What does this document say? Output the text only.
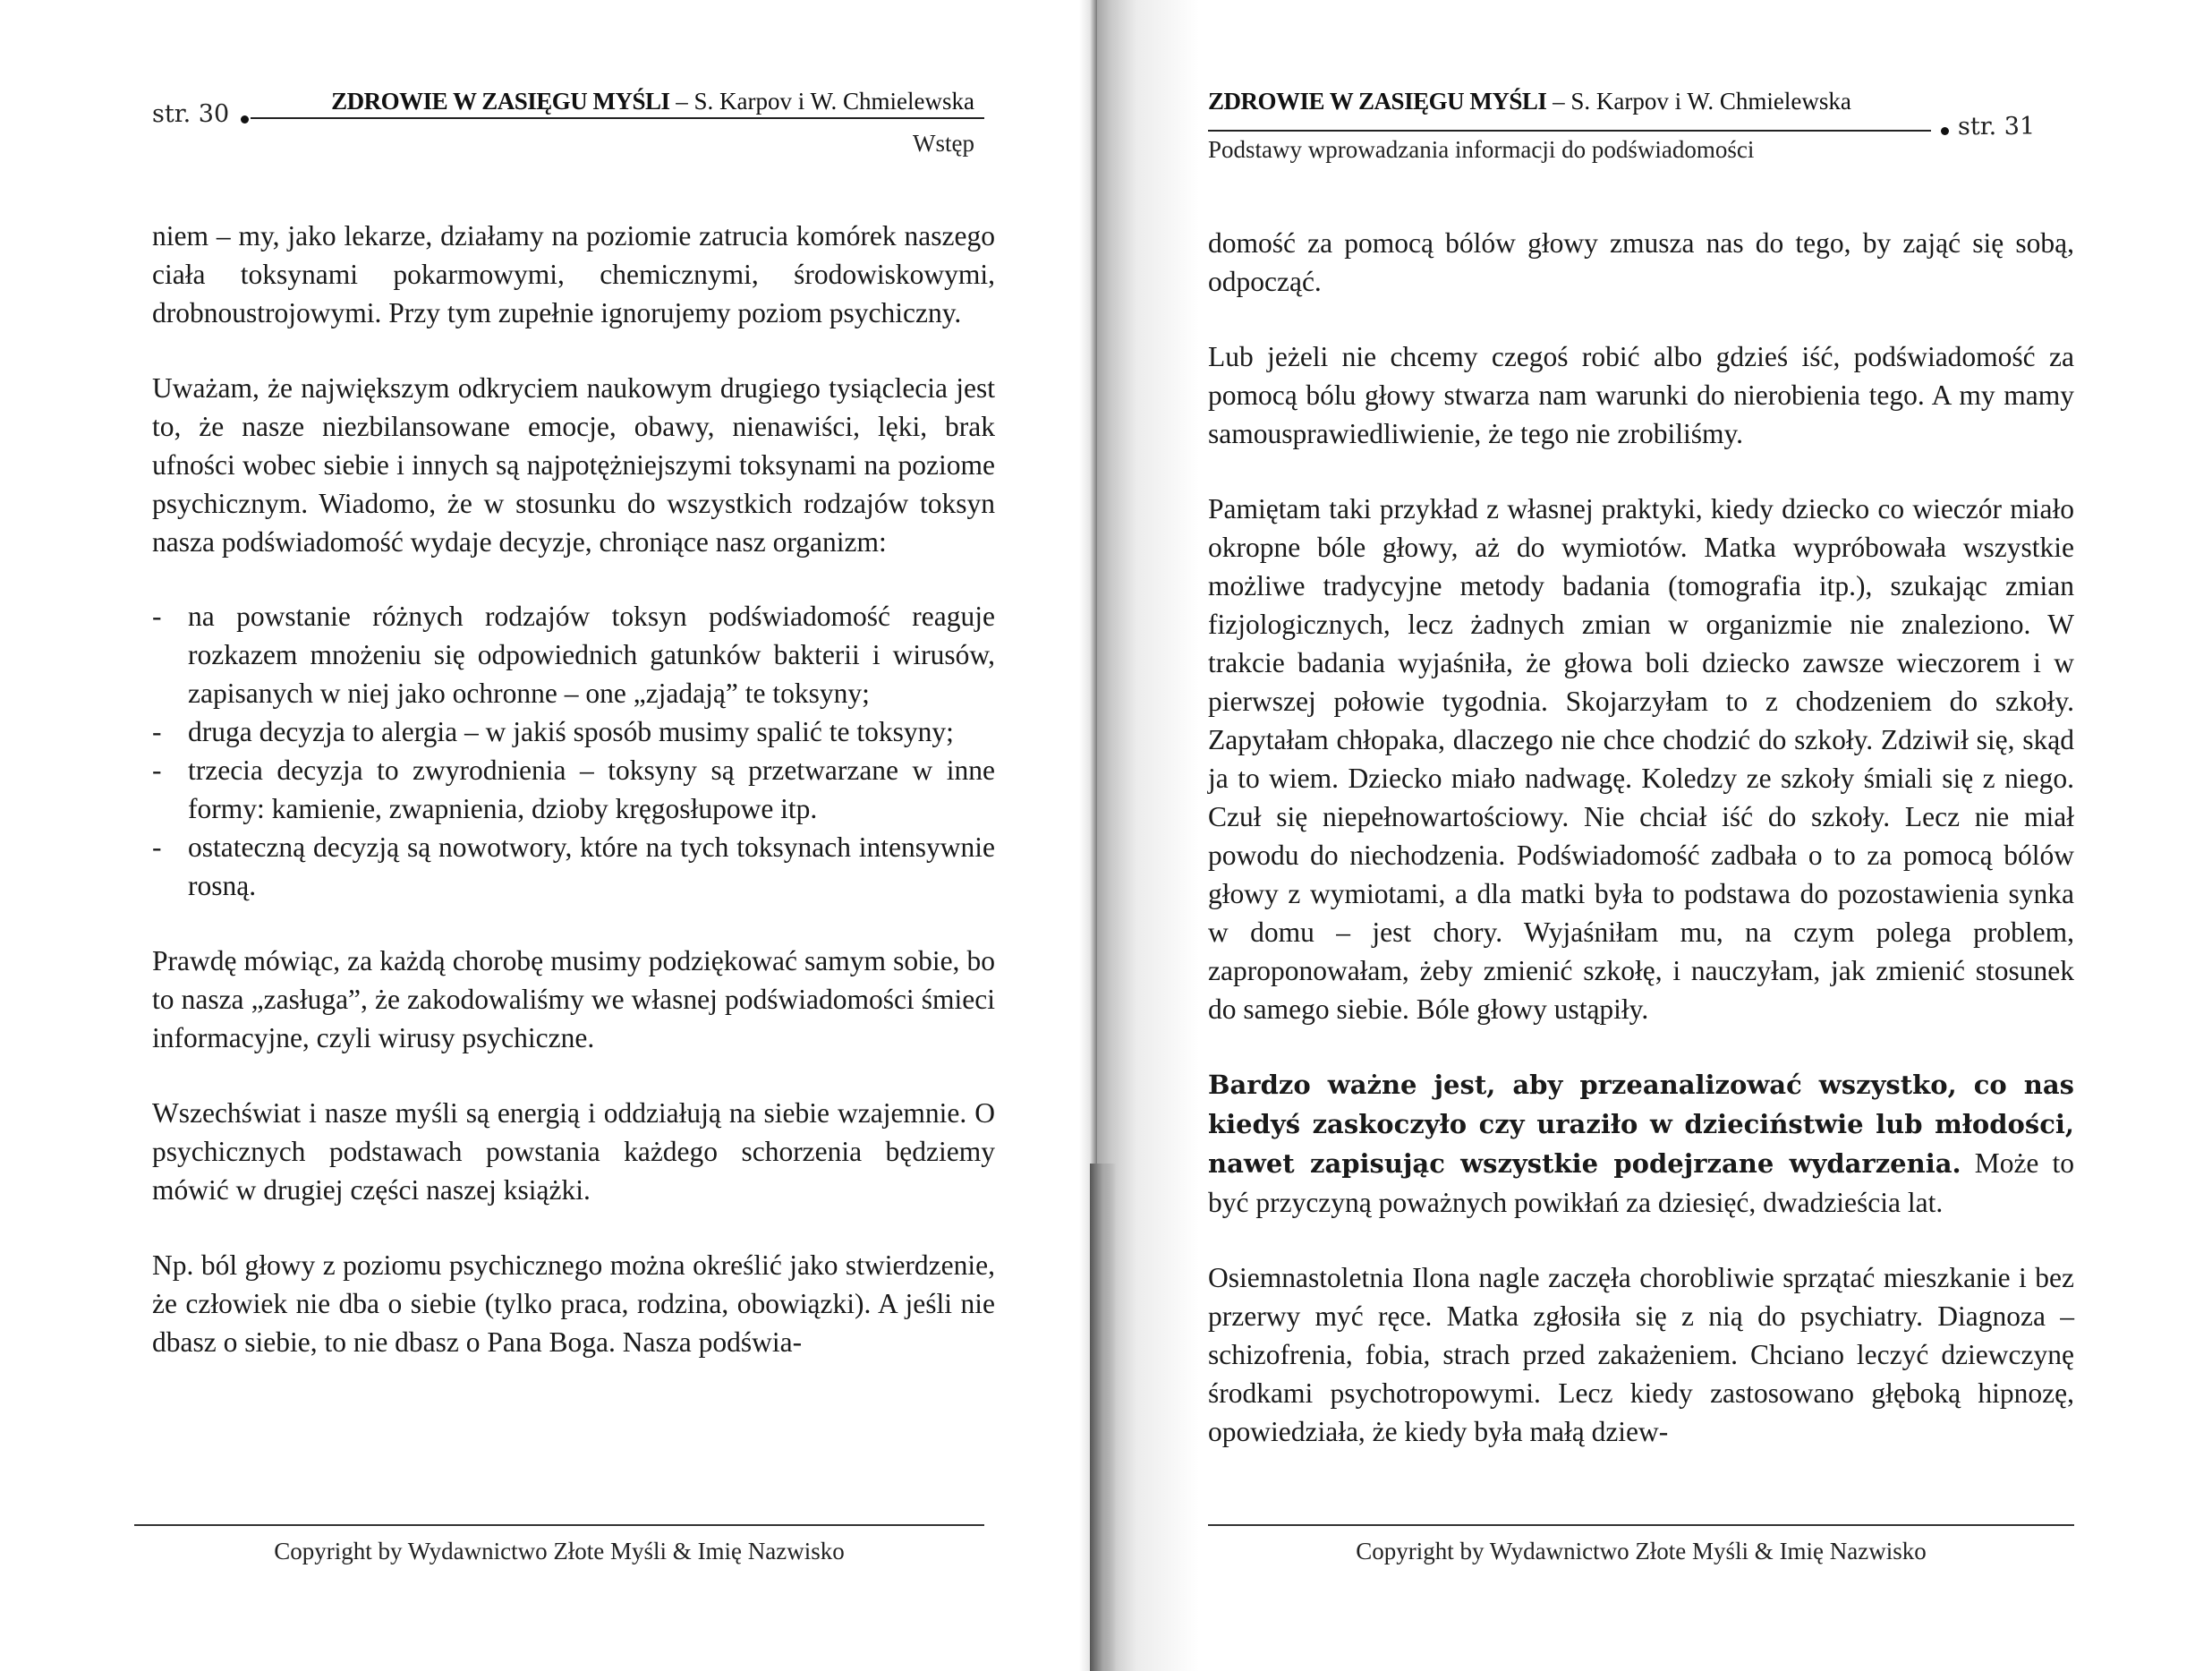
str. 30	ZDROWIE W ZASIĘGU MYŚLI – S. Karpov i W. Chmielewska
Wstęp

niem – my, jako lekarze, działamy na poziomie zatrucia komórek naszego ciała toksynami pokarmowymi, chemicznymi, środowiskowymi, drobnoustrojowymi. Przy tym zupełnie ignorujemy poziom psychiczny.

Uważam, że największym odkryciem naukowym drugiego tysiąclecia jest to, że nasze niezbilansowane emocje, obawy, nienawiści, lęki, brak ufności wobec siebie i innych są najpotężniejszymi toksynami na poziome psychicznym. Wiadomo, że w stosunku do wszystkich rodzajów toksyn nasza podświadomość wydaje decyzje, chroniące nasz organizm:

- na powstanie różnych rodzajów toksyn podświadomość reaguje rozkazem mnożeniu się odpowiednich gatunków bakterii i wirusów, zapisanych w niej jako ochronne – one „zjadają” te toksyny;
- druga decyzja to alergia – w jakiś sposób musimy spalić te toksyny;
- trzecia decyzja to zwyrodnienia – toksyny są przetwarzane w inne formy: kamienie, zwapnienia, dzioby kręgosłupowe itp.
- ostateczną decyzją są nowotwory, które na tych toksynach intensywnie rosną.

Prawdę mówiąc, za każdą chorobę musimy podziękować samym sobie, bo to nasza „zasługa”, że zakodowaliśmy we własnej podświadomości śmieci informacyjne, czyli wirusy psychiczne.

Wszechświat i nasze myśli są energią i oddziałują na siebie wzajemnie. O psychicznych podstawach powstania każdego schorzenia będziemy mówić w drugiej części naszej książki.

Np. ból głowy z poziomu psychicznego można określić jako stwierdzenie, że człowiek nie dba o siebie (tylko praca, rodzina, obowiązki). A jeśli nie dbasz o siebie, to nie dbasz o Pana Boga. Nasza podświa-

Copyright by Wydawnictwo Złote Myśli & Imię Nazwisko
ZDROWIE W ZASIĘGU MYŚLI – S. Karpov i W. Chmielewska
str. 31
Podstawy wprowadzania informacji do podświadomości

domość za pomocą bólów głowy zmusza nas do tego, by zająć się sobą, odpocząć.

Lub jeżeli nie chcemy czegoś robić albo gdzieś iść, podświadomość za pomocą bólu głowy stwarza nam warunki do nierobienia tego. A my mamy samousprawiedliwienie, że tego nie zrobiliśmy.

Pamiętam taki przykład z własnej praktyki, kiedy dziecko co wieczór miało okropne bóle głowy, aż do wymiotów. Matka wypróbowała wszystkie możliwe tradycyjne metody badania (tomografia itp.), szukając zmian fizjologicznych, lecz żadnych zmian w organizmie nie znaleziono. W trakcie badania wyjaśniła, że głowa boli dziecko zawsze wieczorem i w pierwszej połowie tygodnia. Skojarzyłam to z chodzeniem do szkoły. Zapytałam chłopaka, dlaczego nie chce chodzić do szkoły. Zdziwił się, skąd ja to wiem. Dziecko miało nadwagę. Koledzy ze szkoły śmiali się z niego. Czuł się niepełnowartościowy. Nie chciał iść do szkoły. Lecz nie miał powodu do niechodzenia. Podświadomość zadbała o to za pomocą bólów głowy z wymiotami, a dla matki była to podstawa do pozostawienia synka w domu – jest chory. Wyjaśniłam mu, na czym polega problem, zaproponowałam, żeby zmienić szkołę, i nauczyłam, jak zmienić stosunek do samego siebie. Bóle głowy ustąpiły.

Bardzo ważne jest, aby przeanalizować wszystko, co nas kiedyś zaskoczyło czy uraziło w dzieciństwie lub młodości, nawet zapisując wszystkie podejrzane wydarzenia. Może to być przyczyną poważnych powikłań za dziesięć, dwadzieścia lat.

Osiemnastoletnia Ilona nagle zaczęła chorobliwie sprzątać mieszkanie i bez przerwy myć ręce. Matka zgłosiła się z nią do psychiatry. Diagnoza – schizofrenia, fobia, strach przed zakażeniem. Chciano leczyć dziewczynę środkami psychotropowymi. Lecz kiedy zastosowano głęboką hipnozę, opowiedziała, że kiedy była małą dziew-

Copyright by Wydawnictwo Złote Myśli & Imię Nazwisko
